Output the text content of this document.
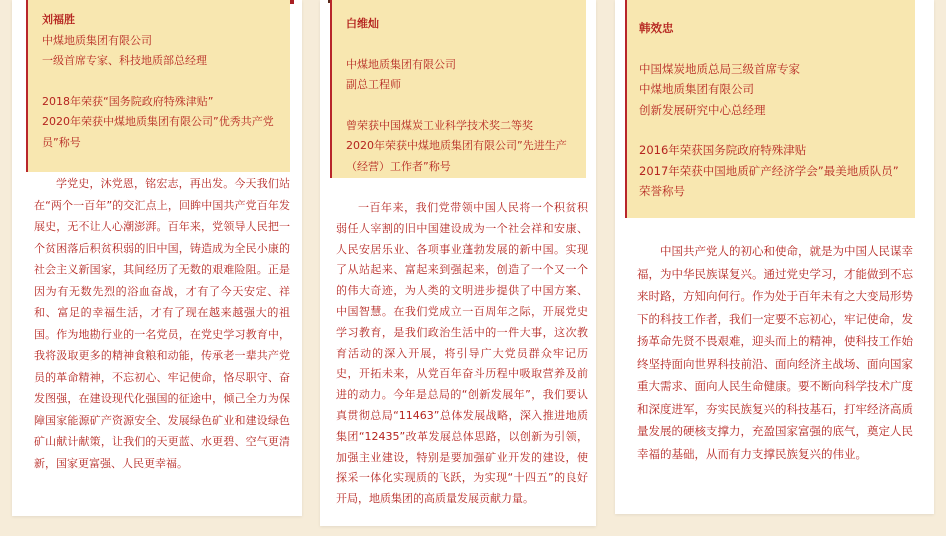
刘福胜
中煤地质集团有限公司
一级首席专家、科技地质部总经理
2018年荣获“国务院政府特殊津贴”
2020年荣获中煤地质集团有限公司”优秀共产党员”称号

学党史，沐党恩，铭宏志，再出发。今天我们站在“两个一百年”的交汇点上，回眸中国共产党百年发展史，无不让人心潮澎湃。百年来，党领导人民把一个贫困落后积贫积弱的旧中国，铸造成为全民小康的社会主义新国家，其间经历了无数的艰难险阻。正是因为有无数先烈的浴血奋战，才有了今天安定、祥和、富足的幸福生活，才有了现在越来越强大的祖国。作为地勘行业的一名党员，在党史学习教育中，我将汲取更多的精神食粮和动能，传承老一辈共产党员的革命精神，不忘初心、牢记使命，恪尽职守、奋发图强，在建设现代化强国的征途中，倾己全力为保障国家能源矿产资源安全、发展绿色矿业和建设绿色矿山献计献策，让我们的天更蓝、水更碧、空气更清新，国家更富强、人民更幸福。

白维灿
中煤地质集团有限公司
副总工程师
曾荣获中国煤炭工业科学技术奖二等奖
2020年荣获中煤地质集团有限公司”先进生产（经营）工作者”称号

一百年来，我们党带领中国人民将一个积贫积弱任人宰割的旧中国建设成为一个社会祥和安康、人民安居乐业、各项事业蓬勃发展的新中国。实现了从站起来、富起来到强起来，创造了一个又一个的伟大奇迹，为人类的文明进步提供了中国方案、中国智慧。在我们党成立一百周年之际，开展党史学习教育，是我们政治生活中的一件大事，这次教育活动的深入开展，将引导广大党员群众牢记历史，开拓未来，从党百年奋斗历程中吸取营养及前进的动力。今年是总局的“创新发展年”，我们要认真贯彻总局“11463”总体发展战略，深入推进地质集团“12435”改革发展总体思路，以创新为引领，加强主业建设，特别是要加强矿业开发的建设，使探采一体化实现质的飞跃，为实现“十四五”的良好开局，地质集团的高质量发展贡献力量。

韩效忠
中国煤炭地质总局三级首席专家
中煤地质集团有限公司
创新发展研究中心总经理
2016年荣获国务院政府特殊津贴
2017年荣获中国地质矿产经济学会”最美地质队员” 荣誉称号

中国共产党人的初心和使命，就是为中国人民谋幸福，为中华民族谋复兴。通过党史学习，才能做到不忘来时路，方知向何行。作为处于百年未有之大变局形势下的科技工作者，我们一定要不忘初心，牢记使命，发扬革命先贤不畏艰难，迎头而上的精神，使科技工作始终坚持面向世界科技前沿、面向经济主战场、面向国家重大需求、面向人民生命健康。要不断向科学技术广度和深度进军，夯实民族复兴的科技基石，打牢经济高质量发展的硬核支撑力，充盈国家富强的底气，奠定人民幸福的基础，从而有力支撑民族复兴的伟业。
